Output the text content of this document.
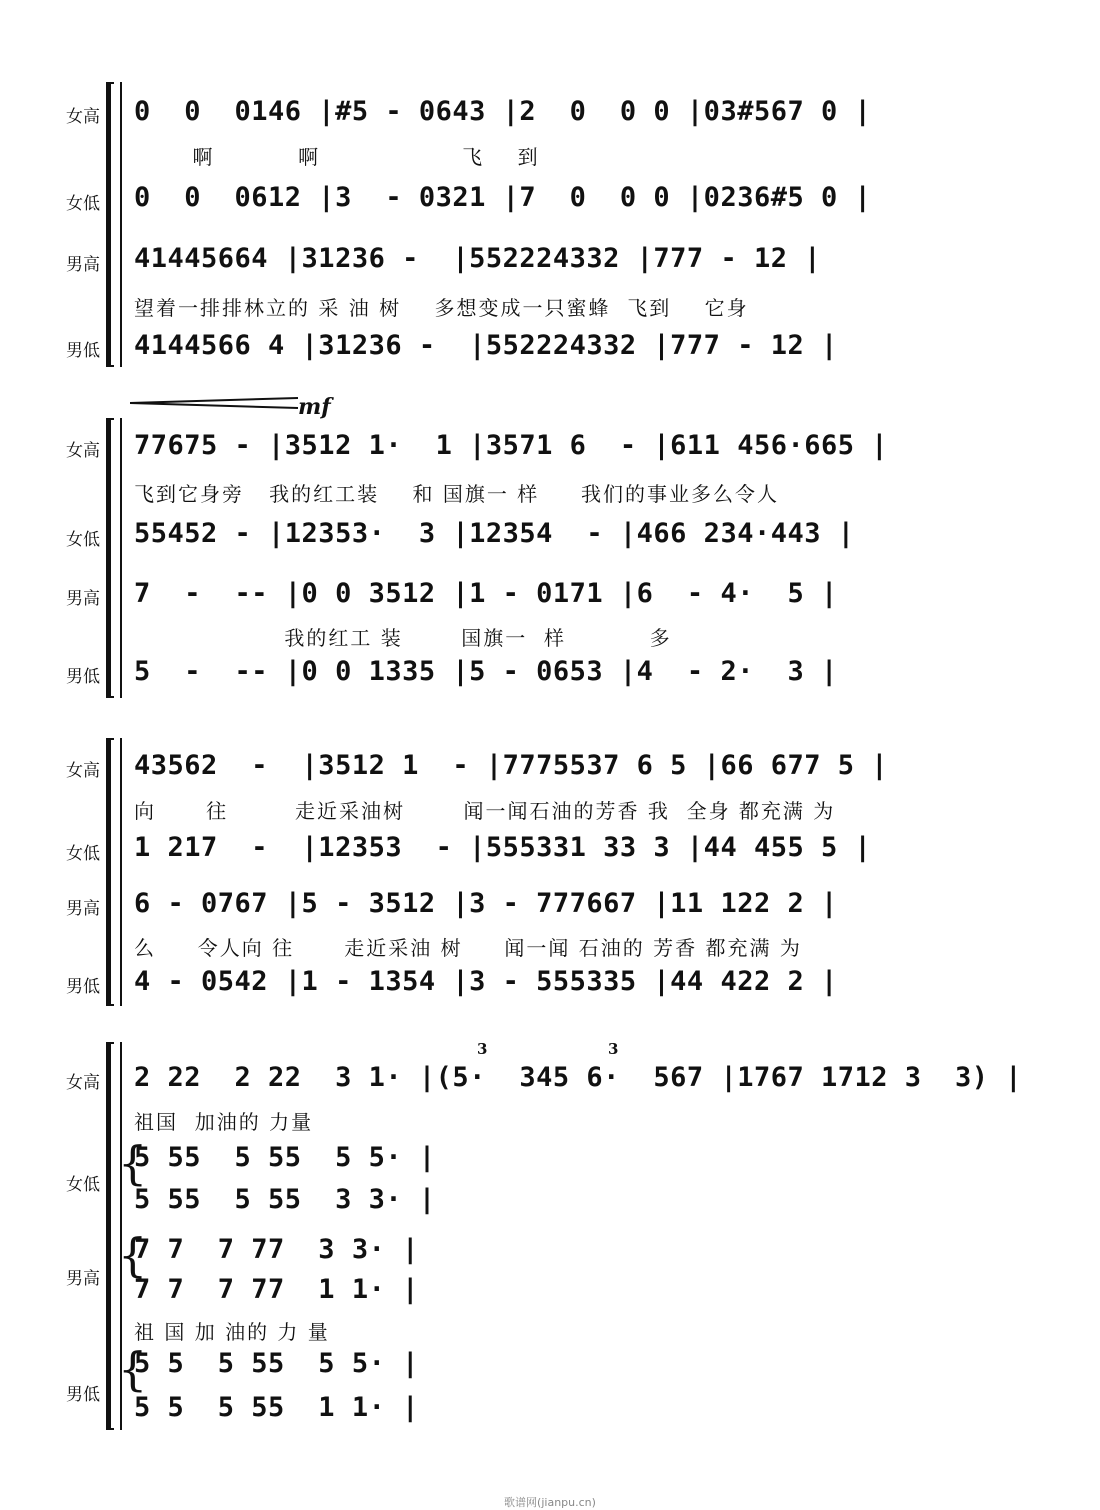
女高 0  0  0146 |#5 - 0643 |2  0  0 0 |03#567 0 |
啊          啊                 飞    到
女低 0  0  0612 |3  - 0321 |7  0  0 0 |0236#5 0 |
男高 41445664 |31236 -  |552224332 |777 - 12 |
望着一排排林立的 采 油 树    多想变成一只蜜蜂  飞到    它身
男低 4144566 4 |31236 -  |552224332 |777 - 12 |
mf
女高 77675 - |3512 1·  1 |3571 6  - |611 456·665 |
飞到它身旁   我的红工装    和 国旗一 样     我们的事业多么令人
女低 55452 - |12353·  3 |12354  - |466 234·443 |
男高 7  -  -- |0 0 3512 |1 - 0171 |6  - 4·  5 |
我的红工 装       国旗一  样          多
男低 5  -  -- |0 0 1335 |5 - 0653 |4  - 2·  3 |
女高 43562  -  |3512 1  - |7775537 6 5 |66 677 5 |
向      往        走近采油树       闻一闻石油的芳香 我  全身 都充满 为
女低 1 217  -  |12353  - |555331 33 3 |44 455 5 |
男高 6 - 0767 |5 - 3512 |3 - 777667 |11 122 2 |
么     令人向 往      走近采油 树     闻一闻 石油的 芳香 都充满 为
男低 4 - 0542 |1 - 1354 |3 - 555335 |44 422 2 |
女高
3	3
2 22  2 22  3 1· |(5·  345 6·  567 |1767 1712 3  3) |
祖国  加油的 力量
女低 {
5 55  5 55  5 5· |
5 55  5 55  3 3· |
男高 {
7 7  7 77  3 3· |
7 7  7 77  1 1· |
祖 国 加 油的 力 量
男低 {
5 5  5 55  5 5· |
5 5  5 55  1 1· |
歌谱网(jianpu.cn)
